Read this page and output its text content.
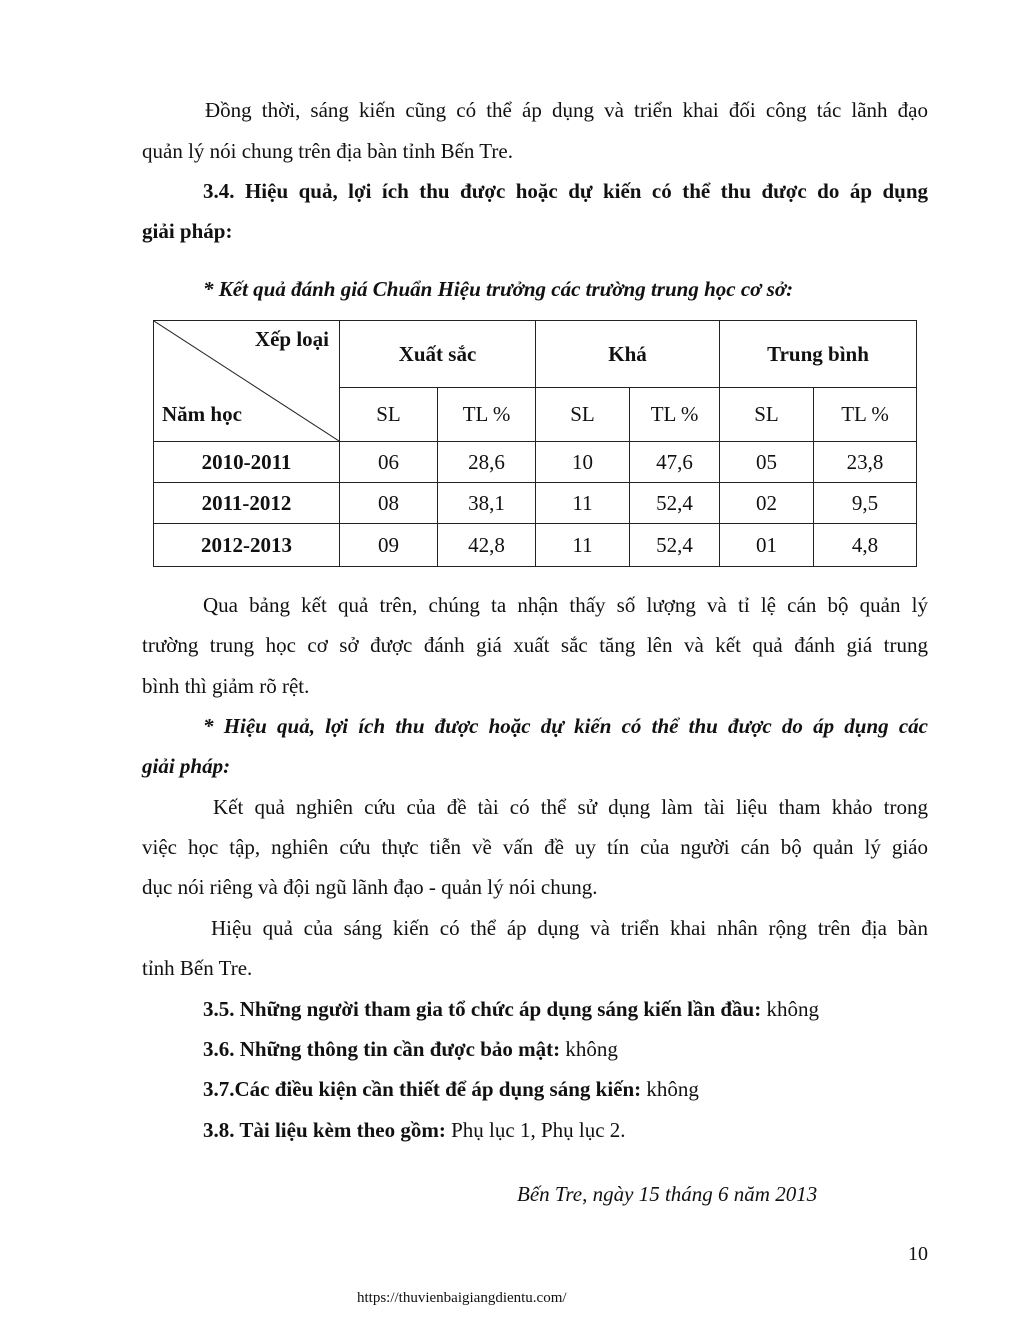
Đồng thời, sáng kiến cũng có thể áp dụng và triển khai đối công tác lãnh đạo
quản lý nói chung trên địa bàn tỉnh Bến Tre.
3.4. Hiệu quả, lợi ích thu được hoặc dự kiến có thể thu được do áp dụng
giải pháp:
* Kết quả đánh giá Chuẩn Hiệu trưởng các trường trung học cơ sở:
Xếp loại
Năm học	Xuất sắc		Khá		Trung bình	
	SL	TL %	SL	TL %	SL	TL %
2010-2011	06	28,6	10	47,6	05	23,8
2011-2012	08	38,1	11	52,4	02	9,5
2012-2013	09	42,8	11	52,4	01	4,8
Qua bảng kết quả trên, chúng ta nhận thấy số lượng và tỉ lệ cán bộ quản lý
trường trung học cơ sở được đánh giá xuất sắc tăng lên và kết quả đánh giá trung
bình thì giảm rõ rệt.
* Hiệu quả, lợi ích thu được hoặc dự kiến có thể thu được do áp dụng các
giải pháp:
Kết quả nghiên cứu của đề tài có thể sử dụng làm tài liệu tham khảo trong
việc học tập, nghiên cứu thực tiễn về vấn đề uy tín của người cán bộ quản lý giáo
dục nói riêng và đội ngũ lãnh đạo - quản lý nói chung.
Hiệu quả của sáng kiến có thể áp dụng và triển khai nhân rộng trên địa bàn
tỉnh Bến Tre.
3.5. Những người tham gia tổ chức áp dụng sáng kiến lần đầu: không
3.6. Những thông tin cần được bảo mật: không
3.7.Các điều kiện cần thiết để áp dụng sáng kiến: không
3.8. Tài liệu kèm theo gồm: Phụ lục 1, Phụ lục 2.
Bến Tre, ngày 15 tháng 6 năm 2013
10
https://thuvienbaigiangdientu.com/
